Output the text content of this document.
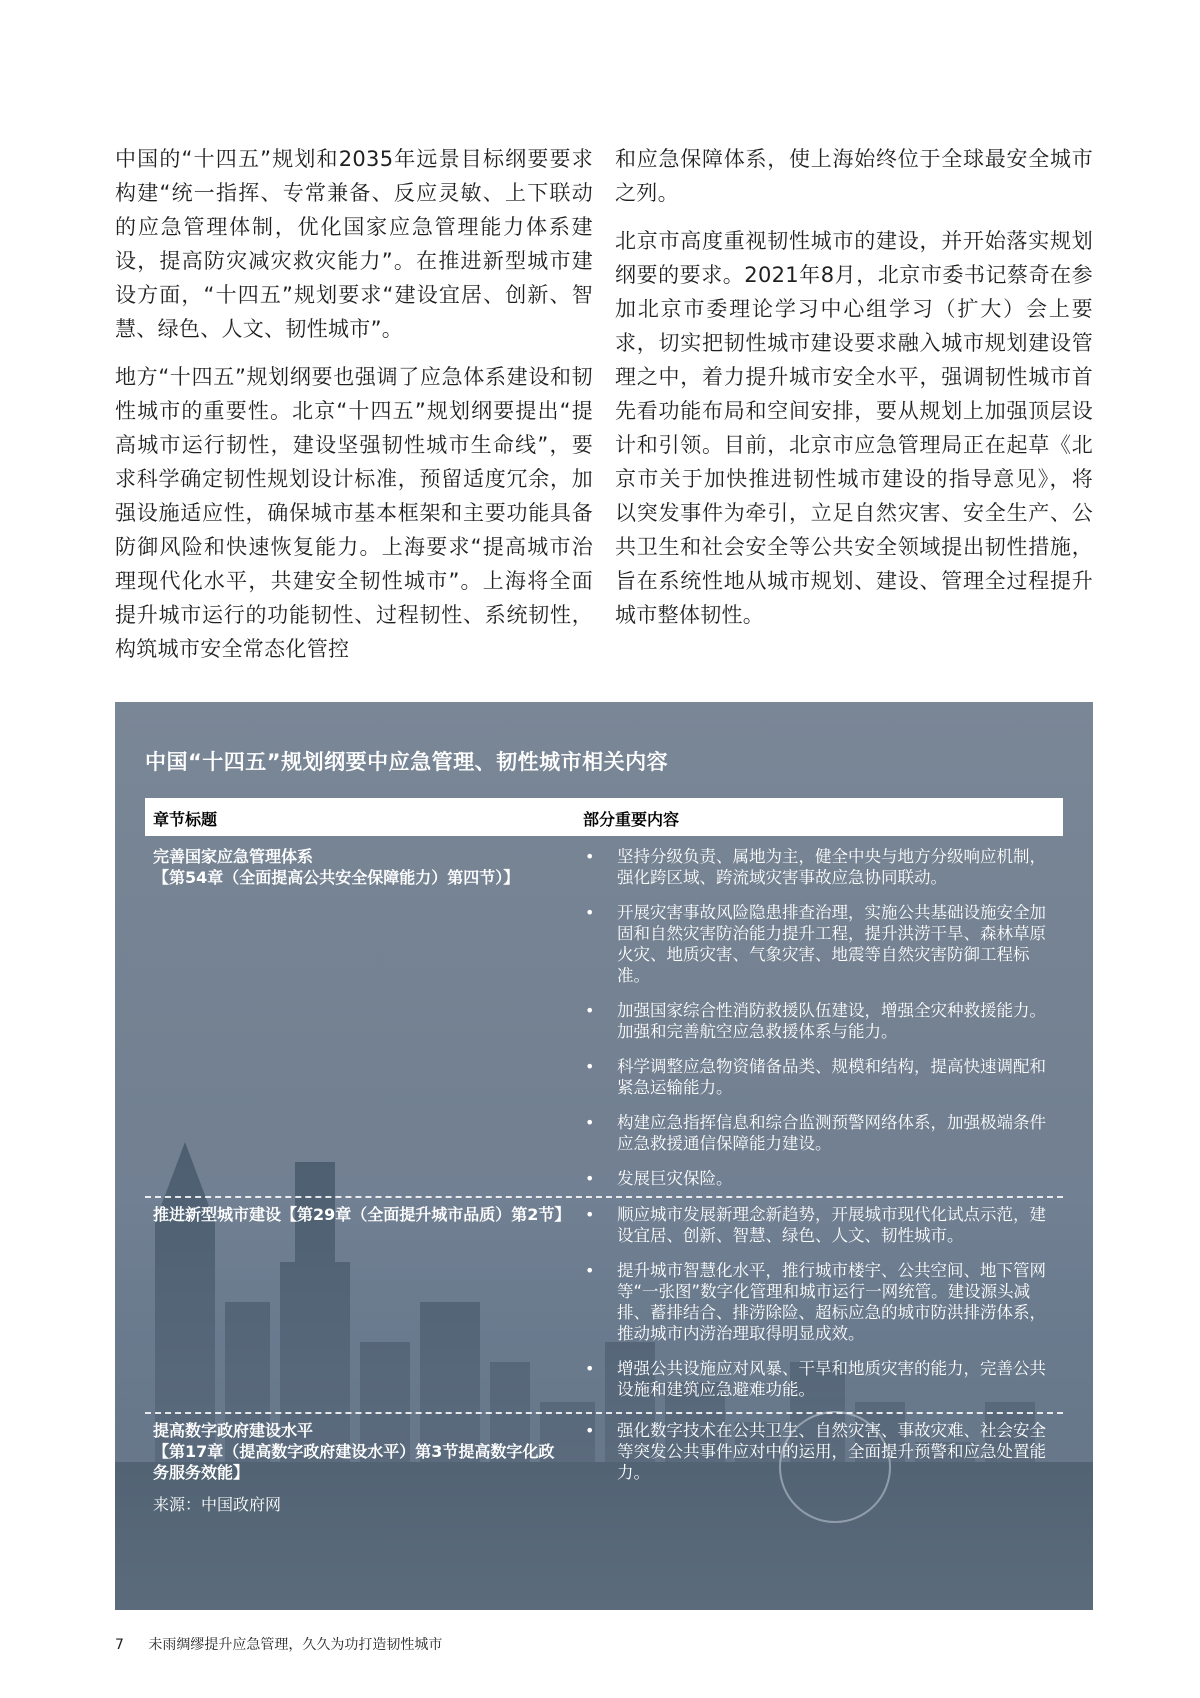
中国的“十四五”规划和2035年远景目标纲要要求构建“统一指挥、专常兼备、反应灵敏、上下联动的应急管理体制，优化国家应急管理能力体系建设，提高防灾减灾救灾能力”。在推进新型城市建设方面，“十四五”规划要求“建设宜居、创新、智慧、绿色、人文、韧性城市”。

地方“十四五”规划纲要也强调了应急体系建设和韧性城市的重要性。北京“十四五”规划纲要提出“提高城市运行韧性，建设坚强韧性城市生命线”，要求科学确定韧性规划设计标准，预留适度冗余，加强设施适应性，确保城市基本框架和主要功能具备防御风险和快速恢复能力。上海要求“提高城市治理现代化水平，共建安全韧性城市”。上海将全面提升城市运行的功能韧性、过程韧性、系统韧性，构筑城市安全常态化管控

和应急保障体系，使上海始终位于全球最安全城市之列。

北京市高度重视韧性城市的建设，并开始落实规划纲要的要求。2021年8月，北京市委书记蔡奇在参加北京市委理论学习中心组学习（扩大）会上要求，切实把韧性城市建设要求融入城市规划建设管理之中，着力提升城市安全水平，强调韧性城市首先看功能布局和空间安排，要从规划上加强顶层设计和引领。目前，北京市应急管理局正在起草《北京市关于加快推进韧性城市建设的指导意见》，将以突发事件为牵引，立足自然灾害、安全生产、公共卫生和社会安全等公共安全领域提出韧性措施，旨在系统性地从城市规划、建设、管理全过程提升城市整体韧性。

中国“十四五”规划纲要中应急管理、韧性城市相关内容
章节标题	部分重要内容
完善国家应急管理体系
【第54章（全面提高公共安全保障能力）第四节）】
• 坚持分级负责、属地为主，健全中央与地方分级响应机制，强化跨区域、跨流域灾害事故应急协同联动。
• 开展灾害事故风险隐患排查治理，实施公共基础设施安全加固和自然灾害防治能力提升工程，提升洪涝干旱、森林草原火灾、地质灾害、气象灾害、地震等自然灾害防御工程标准。
• 加强国家综合性消防救援队伍建设，增强全灾种救援能力。加强和完善航空应急救援体系与能力。
• 科学调整应急物资储备品类、规模和结构，提高快速调配和紧急运输能力。
• 构建应急指挥信息和综合监测预警网络体系，加强极端条件应急救援通信保障能力建设。
• 发展巨灾保险。
推进新型城市建设【第29章（全面提升城市品质）第2节】 • 顺应城市发展新理念新趋势，开展城市现代化试点示范，建设宜居、创新、智慧、绿色、人文、韧性城市。
• 提升城市智慧化水平，推行城市楼宇、公共空间、地下管网等“一张图”数字化管理和城市运行一网统管。建设源头减排、蓄排结合、排涝除险、超标应急的城市防洪排涝体系，推动城市内涝治理取得明显成效。
• 增强公共设施应对风暴、干旱和地质灾害的能力，完善公共设施和建筑应急避难功能。
提高数字政府建设水平
【第17章（提高数字政府建设水平）第3节提高数字化政务服务效能】
• 强化数字技术在公共卫生、自然灾害、事故灾难、社会安全等突发公共事件应对中的运用，全面提升预警和应急处置能力。
来源：中国政府网
7 未雨绸缪提升应急管理，久久为功打造韧性城市
